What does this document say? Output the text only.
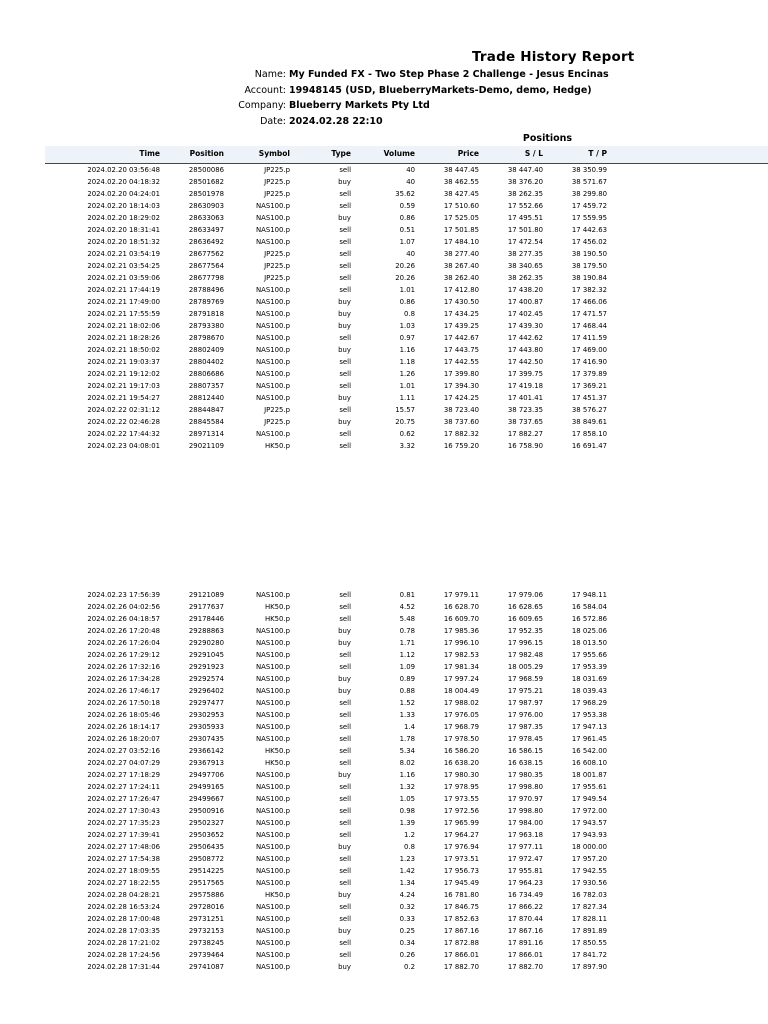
Trade History Report
Name: My Funded FX - Two Step Phase 2 Challenge - Jesus Encinas
Account: 19948145 (USD, BlueberryMarkets-Demo, demo, Hedge)
Company: Blueberry Markets Pty Ltd
Date: 2024.02.28 22:10
Positions
Time	Position	Symbol	Type	Volume	Price	S / L	T / P
2024.02.20 03:56:48	28500086	JP225.p	sell	40	38 447.45	38 447.40	38 350.99
2024.02.20 04:18:32	28501682	JP225.p	buy	40	38 462.55	38 376.20	38 571.67
2024.02.20 04:24:01	28501978	JP225.p	sell	35.62	38 427.45	38 262.35	38 299.80
2024.02.20 18:14:03	28630903	NAS100.p	sell	0.59	17 510.60	17 552.66	17 459.72
2024.02.20 18:29:02	28633063	NAS100.p	buy	0.86	17 525.05	17 495.51	17 559.95
2024.02.20 18:31:41	28633497	NAS100.p	sell	0.51	17 501.85	17 501.80	17 442.63
2024.02.20 18:51:32	28636492	NAS100.p	sell	1.07	17 484.10	17 472.54	17 456.02
2024.02.21 03:54:19	28677562	JP225.p	sell	40	38 277.40	38 277.35	38 190.50
2024.02.21 03:54:25	28677564	JP225.p	sell	20.26	38 267.40	38 340.65	38 179.50
2024.02.21 03:59:06	28677798	JP225.p	sell	20.26	38 262.40	38 262.35	38 190.84
2024.02.21 17:44:19	28788496	NAS100.p	sell	1.01	17 412.80	17 438.20	17 382.32
2024.02.21 17:49:00	28789769	NAS100.p	buy	0.86	17 430.50	17 400.87	17 466.06
2024.02.21 17:55:59	28791818	NAS100.p	buy	0.8	17 434.25	17 402.45	17 471.57
2024.02.21 18:02:06	28793380	NAS100.p	buy	1.03	17 439.25	17 439.30	17 468.44
2024.02.21 18:28:26	28798670	NAS100.p	sell	0.97	17 442.67	17 442.62	17 411.59
2024.02.21 18:50:02	28802409	NAS100.p	buy	1.16	17 443.75	17 443.80	17 469.00
2024.02.21 19:03:37	28804402	NAS100.p	sell	1.18	17 442.55	17 442.50	17 416.90
2024.02.21 19:12:02	28806686	NAS100.p	sell	1.26	17 399.80	17 399.75	17 379.89
2024.02.21 19:17:03	28807357	NAS100.p	sell	1.01	17 394.30	17 419.18	17 369.21
2024.02.21 19:54:27	28812440	NAS100.p	buy	1.11	17 424.25	17 401.41	17 451.37
2024.02.22 02:31:12	28844847	JP225.p	sell	15.57	38 723.40	38 723.35	38 576.27
2024.02.22 02:46:28	28845584	JP225.p	buy	20.75	38 737.60	38 737.65	38 849.61
2024.02.22 17:44:32	28971314	NAS100.p	sell	0.62	17 882.32	17 882.27	17 858.10
2024.02.23 04:08:01	29021109	HK50.p	sell	3.32	16 759.20	16 758.90	16 691.47
2024.02.23 17:56:39	29121089	NAS100.p	sell	0.81	17 979.11	17 979.06	17 948.11
2024.02.26 04:02:56	29177637	HK50.p	sell	4.52	16 628.70	16 628.65	16 584.04
2024.02.26 04:18:57	29178446	HK50.p	sell	5.48	16 609.70	16 609.65	16 572.86
2024.02.26 17:20:48	29288863	NAS100.p	buy	0.78	17 985.36	17 952.35	18 025.06
2024.02.26 17:26:04	29290280	NAS100.p	buy	1.71	17 996.10	17 996.15	18 013.50
2024.02.26 17:29:12	29291045	NAS100.p	sell	1.12	17 982.53	17 982.48	17 955.66
2024.02.26 17:32:16	29291923	NAS100.p	sell	1.09	17 981.34	18 005.29	17 953.39
2024.02.26 17:34:28	29292574	NAS100.p	buy	0.89	17 997.24	17 968.59	18 031.69
2024.02.26 17:46:17	29296402	NAS100.p	buy	0.88	18 004.49	17 975.21	18 039.43
2024.02.26 17:50:18	29297477	NAS100.p	sell	1.52	17 988.02	17 987.97	17 968.29
2024.02.26 18:05:46	29302953	NAS100.p	sell	1.33	17 976.05	17 976.00	17 953.38
2024.02.26 18:14:17	29305933	NAS100.p	sell	1.4	17 968.79	17 987.35	17 947.13
2024.02.26 18:20:07	29307435	NAS100.p	sell	1.78	17 978.50	17 978.45	17 961.45
2024.02.27 03:52:16	29366142	HK50.p	sell	5.34	16 586.20	16 586.15	16 542.00
2024.02.27 04:07:29	29367913	HK50.p	sell	8.02	16 638.20	16 638.15	16 608.10
2024.02.27 17:18:29	29497706	NAS100.p	buy	1.16	17 980.30	17 980.35	18 001.87
2024.02.27 17:24:11	29499165	NAS100.p	sell	1.32	17 978.95	17 998.80	17 955.61
2024.02.27 17:26:47	29499667	NAS100.p	sell	1.05	17 973.55	17 970.97	17 949.54
2024.02.27 17:30:43	29500916	NAS100.p	sell	0.98	17 972.56	17 998.80	17 972.00
2024.02.27 17:35:23	29502327	NAS100.p	sell	1.39	17 965.99	17 984.00	17 943.57
2024.02.27 17:39:41	29503652	NAS100.p	sell	1.2	17 964.27	17 963.18	17 943.93
2024.02.27 17:48:06	29506435	NAS100.p	buy	0.8	17 976.94	17 977.11	18 000.00
2024.02.27 17:54:38	29508772	NAS100.p	sell	1.23	17 973.51	17 972.47	17 957.20
2024.02.27 18:09:55	29514225	NAS100.p	sell	1.42	17 956.73	17 955.81	17 942.55
2024.02.27 18:22:55	29517565	NAS100.p	sell	1.34	17 945.49	17 964.23	17 930.56
2024.02.28 04:28:21	29575886	HK50.p	buy	4.24	16 781.80	16 734.49	16 782.03
2024.02.28 16:53:24	29728016	NAS100.p	sell	0.32	17 846.75	17 866.22	17 827.34
2024.02.28 17:00:48	29731251	NAS100.p	sell	0.33	17 852.63	17 870.44	17 828.11
2024.02.28 17:03:35	29732153	NAS100.p	buy	0.25	17 867.16	17 867.16	17 891.89
2024.02.28 17:21:02	29738245	NAS100.p	sell	0.34	17 872.88	17 891.16	17 850.55
2024.02.28 17:24:56	29739464	NAS100.p	sell	0.26	17 866.01	17 866.01	17 841.72
2024.02.28 17:31:44	29741087	NAS100.p	buy	0.2	17 882.70	17 882.70	17 897.90
